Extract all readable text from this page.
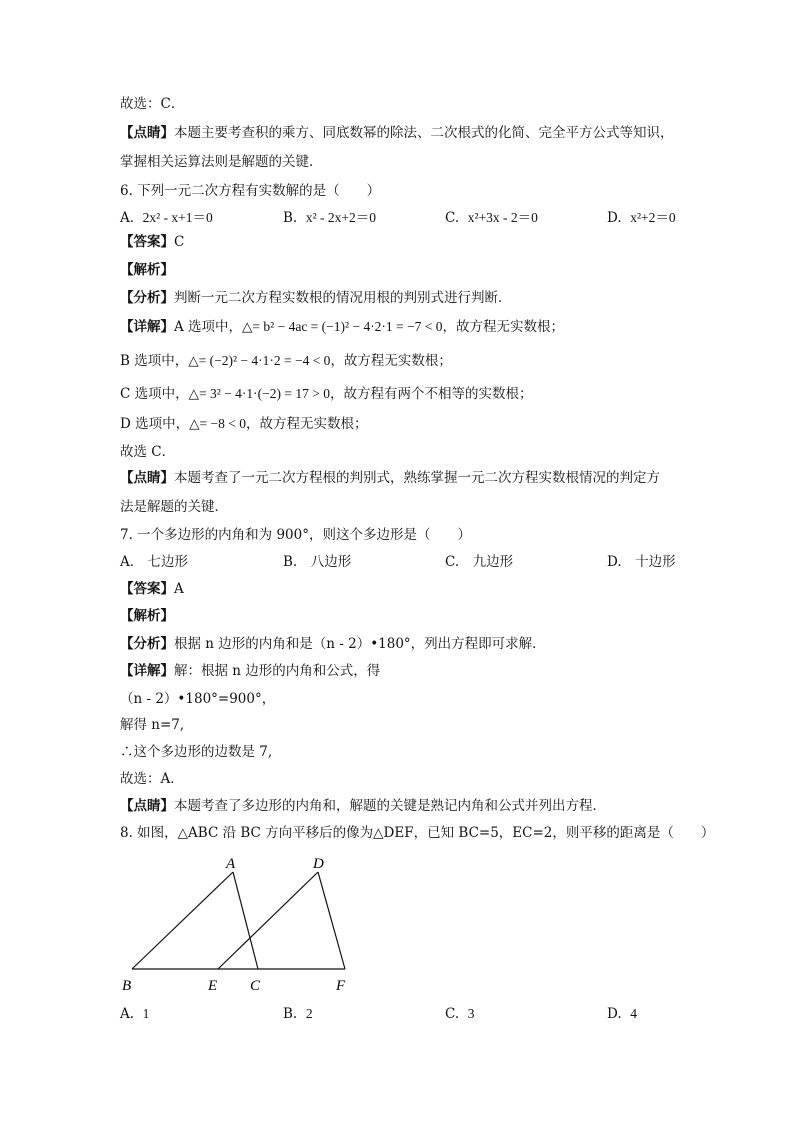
故选：C．
【点睛】本题主要考查积的乘方、同底数幂的除法、二次根式的化简、完全平方公式等知识，
掌握相关运算法则是解题的关键．
6. 下列一元二次方程有实数解的是（　　）
A. 2x² - x+1＝0	B. x² - 2x+2＝0	C. x²+3x - 2＝0	D. x²+2＝0
【答案】C
【解析】
【分析】判断一元二次方程实数根的情况用根的判别式进行判断．
【详解】A 选项中，△= b² − 4ac = (−1)² − 4·2·1 = −7 < 0，故方程无实数根；
B 选项中，△= (−2)² − 4·1·2 = −4 < 0，故方程无实数根；
C 选项中，△= 3² − 4·1·(−2) = 17 > 0，故方程有两个不相等的实数根；
D 选项中，△= −8 < 0，故方程无实数根；
故选 C．
【点睛】本题考查了一元二次方程根的判别式，熟练掌握一元二次方程实数根情况的判定方
法是解题的关键．
7. 一个多边形的内角和为 900°，则这个多边形是（　　）
A.　七边形	B.　八边形	C.　九边形	D.　十边形
【答案】A
【解析】
【分析】根据 n 边形的内角和是（n - 2）•180°，列出方程即可求解．
【详解】解：根据 n 边形的内角和公式，得
（n - 2）•180°=900°，
解得 n=7,
∴这个多边形的边数是 7,
故选：A．
【点睛】本题考查了多边形的内角和，解题的关键是熟记内角和公式并列出方程．
8. 如图，△ABC 沿 BC 方向平移后的像为△DEF，已知 BC=5，EC=2，则平移的距离是（　　）
A	D
B	E C	F
A. 1	B. 2	C. 3	D. 4
